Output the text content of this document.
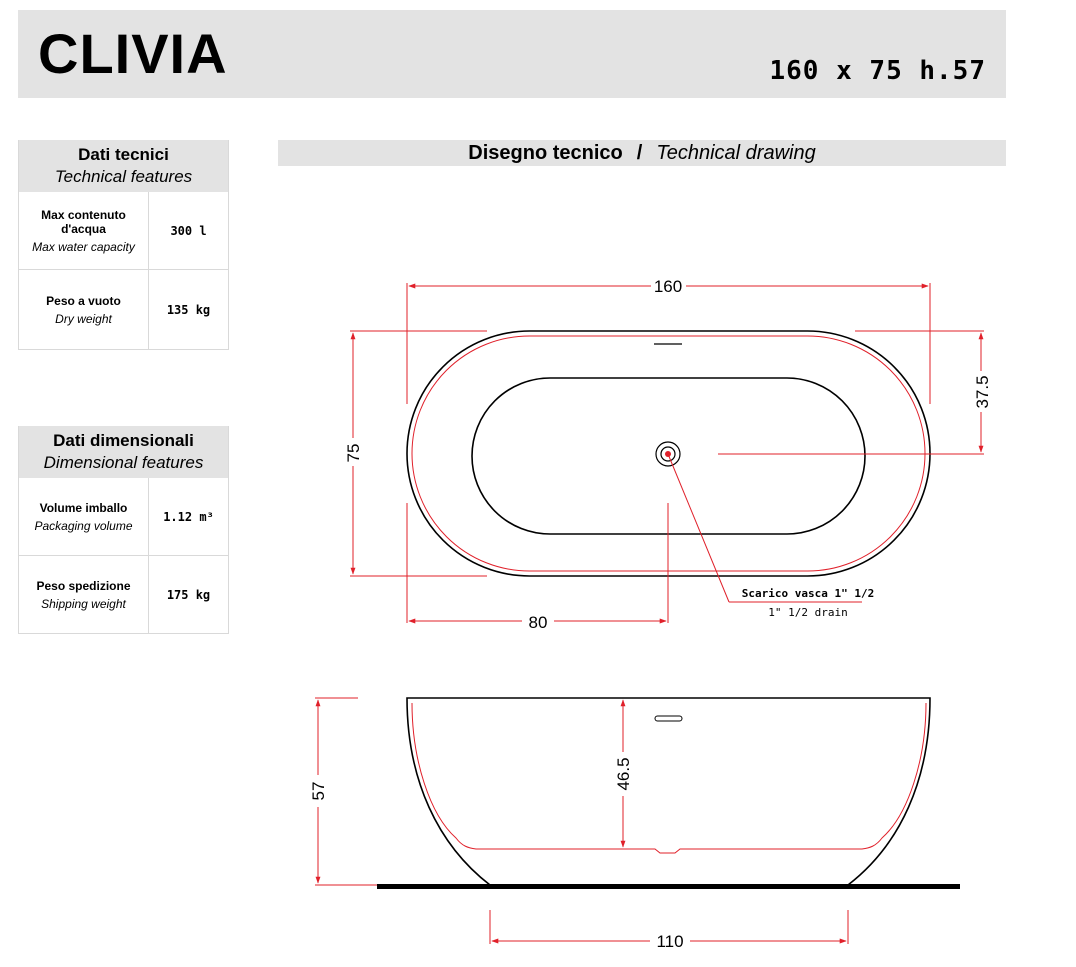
CLIVIA	160 x 75 h.57
Dati tecnici
Technical features
Max contenuto d'acqua
Max water capacity
300 l
Peso a vuoto
Dry weight
135 kg
Dati dimensionali
Dimensional features
Volume imballo
Packaging volume
1.12 m³
Peso spedizione
Shipping weight
175 kg
Disegno tecnico / Technical drawing
160
80
75
37.5
Scarico vasca 1" 1/2
1" 1/2 drain
57
46.5
110
